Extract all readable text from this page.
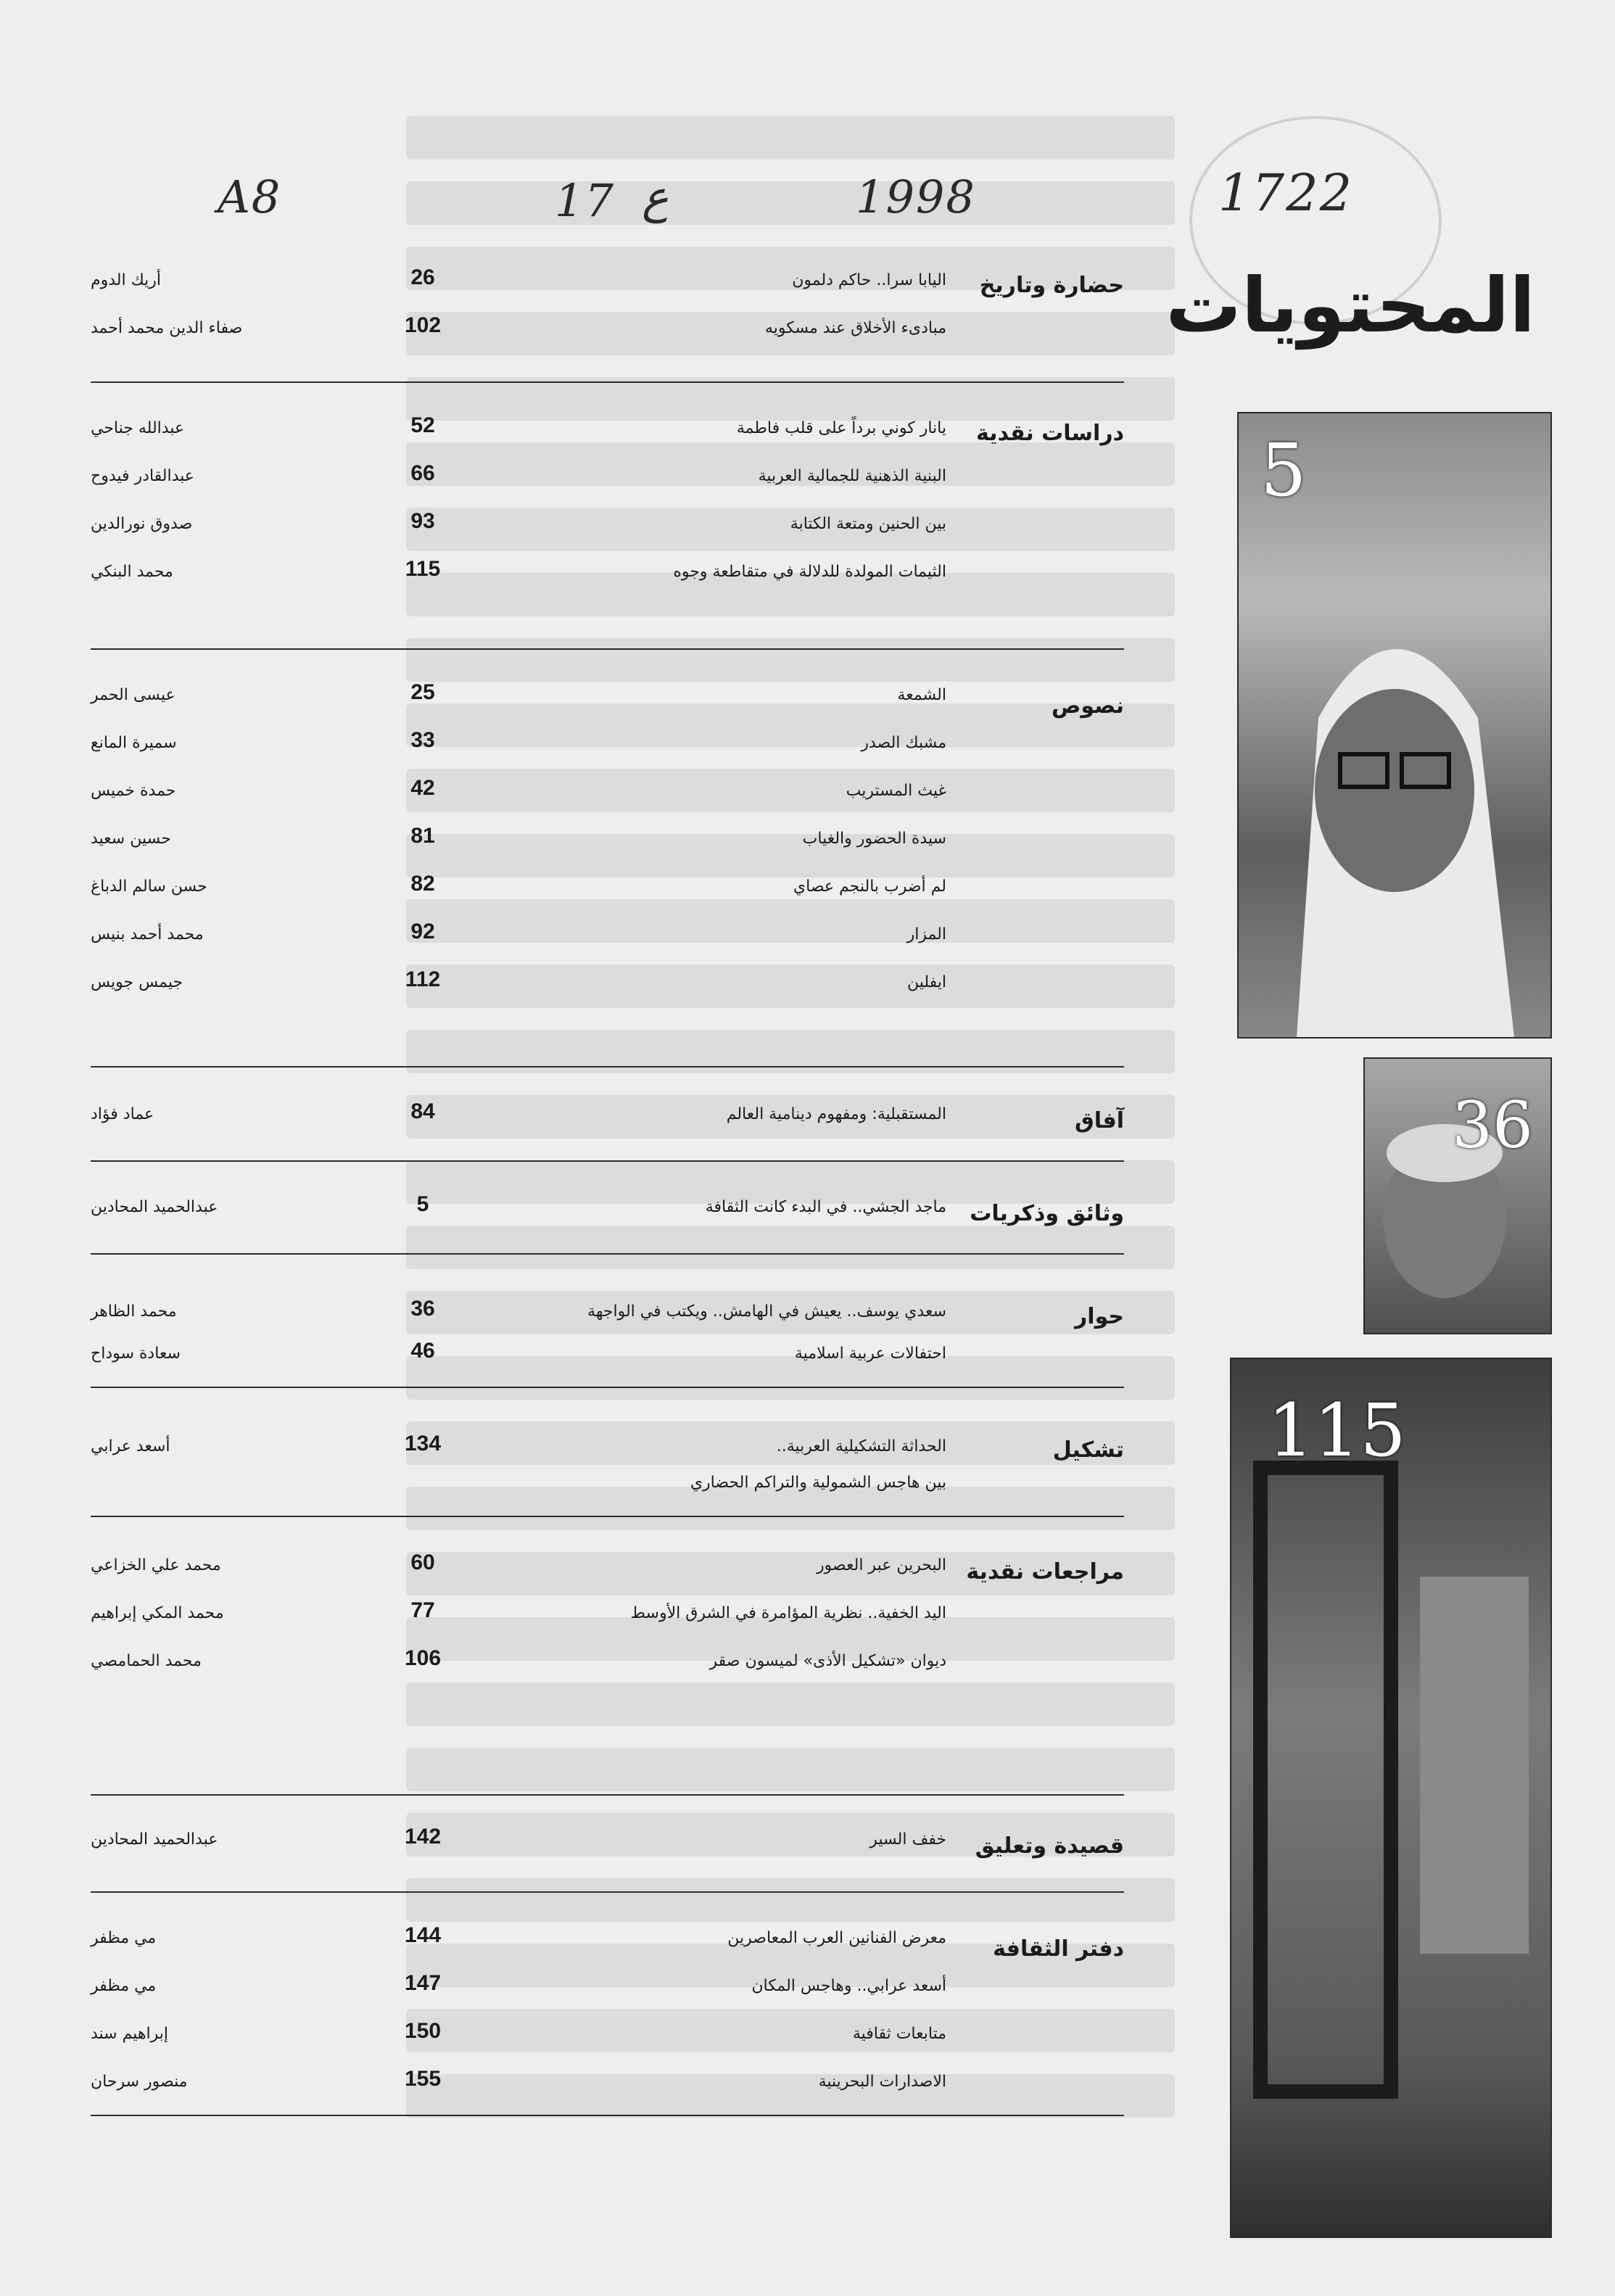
A8	17 ع	1998	1722
المحتويات
5
36
115
حضارة وتاريخ
اليابا سرا.. حاكم دلمون
26
أريك الدوم
مبادىء الأخلاق عند مسكويه
102
صفاء الدين محمد أحمد
دراسات نقدية
يانار كوني برداً على قلب فاطمة
52
عبدالله جناحي
البنية الذهنية للجمالية العربية
66
عبدالقادر فيدوح
بين الحنين ومتعة الكتابة
93
صدوق نورالدين
الثيمات المولدة للدلالة في متقاطعة وجوه
115
محمد البنكي
نصوص
الشمعة
25
عيسى الحمر
مشبك الصدر
33
سميرة المانع
غيث المستريب
42
حمدة خميس
سيدة الحضور والغياب
81
حسين سعيد
لم أضرب بالنجم عصاي
82
حسن سالم الدباغ
المزار
92
محمد أحمد بنيس
ايفلين
112
جيمس جويس
آفاق
المستقبلية: ومفهوم دينامية العالم
84
عماد فؤاد
وثائق وذكريات
ماجد الجشي.. في البدء كانت الثقافة
5
عبدالحميد المحادين
حوار
سعدي يوسف.. يعيش في الهامش.. ويكتب في الواجهة
36
محمد الظاهر
احتفالات عربية اسلامية
46
سعادة سوداح
تشكيل
الحداثة التشكيلية العربية..
134
أسعد عرابي
بين هاجس الشمولية والتراكم الحضاري
مراجعات نقدية
البحرين عبر العصور
60
محمد علي الخزاعي
اليد الخفية.. نظرية المؤامرة في الشرق الأوسط
77
محمد المكي إبراهيم
ديوان «تشكيل الأذى» لميسون صقر
106
محمد الحمامصي
قصيدة وتعليق
خفف السير
142
عبدالحميد المحادين
دفتر الثقافة
معرض الفنانين العرب المعاصرين
144
مي مظفر
أسعد عرابي.. وهاجس المكان
147
مي مظفر
متابعات ثقافية
150
إبراهيم سند
الاصدارات البحرينية
155
منصور سرحان
